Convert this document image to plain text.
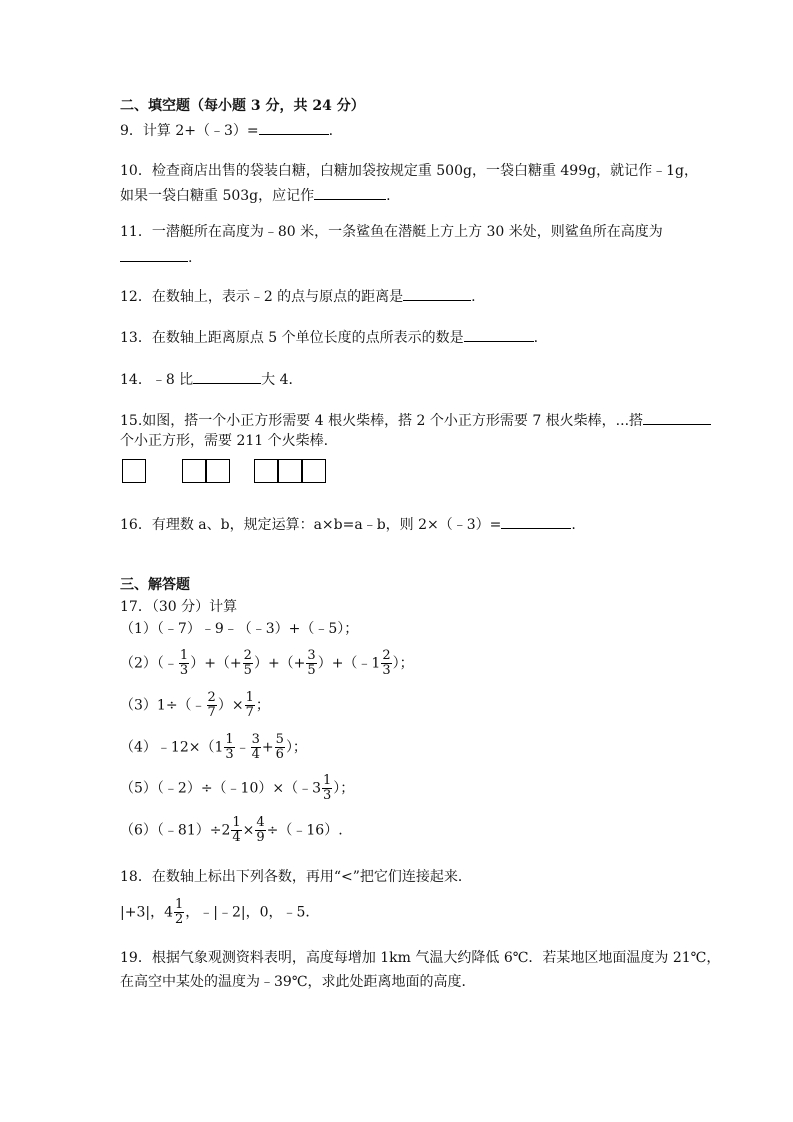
二、填空题（每小题 3 分，共 24 分）
9．计算 2+（﹣3）=	.
10．检查商店出售的袋装白糖，白糖加袋按规定重 500g，一袋白糖重 499g，就记作﹣1g，
如果一袋白糖重 503g，应记作	.
11．一潜艇所在高度为﹣80 米，一条鲨鱼在潜艇上方上方 30 米处，则鲨鱼所在高度为
.
12．在数轴上，表示﹣2 的点与原点的距离是	.
13．在数轴上距离原点 5 个单位长度的点所表示的数是	.
14．﹣8 比	大 4．
15.如图，搭一个小正方形需要 4 根火柴棒，搭 2 个小正方形需要 7 根火柴棒，...搭
个小正方形，需要 211 个火柴棒.
16．有理数 a、b，规定运算：a×b=a﹣b，则 2×（﹣3）=	.
三、解答题
17．（30 分）计算
（1）（﹣7）﹣9﹣（﹣3）+（﹣5）；
（2）（﹣ $\frac{1}{3}$ ）+（+ $\frac{2}{5}$ ）+（+ $\frac{3}{5}$ ）+（﹣1 $\frac{2}{3}$ ）；
（3）1÷（﹣ $\frac{2}{7}$ ）× $\frac{1}{7}$ ；
（4）﹣12×（1 $\frac{1}{3}$ ﹣ $\frac{3}{4} + \frac{5}{6}$ ）；
（5）（﹣2）÷（﹣10）×（﹣3 $\frac{1}{3}$ ）；
（6）（﹣81）÷2 $\frac{1}{4} \times \frac{4}{9}$ ÷（﹣16）.
18．在数轴上标出下列各数，再用“<”把它们连接起来．
|+3|，$4 \frac{1}{2}$ ，﹣|﹣2|，0，﹣5．
19．根据气象观测资料表明，高度每增加 1km 气温大约降低 6℃．若某地区地面温度为 21℃，
在高空中某处的温度为﹣39℃，求此处距离地面的高度．
